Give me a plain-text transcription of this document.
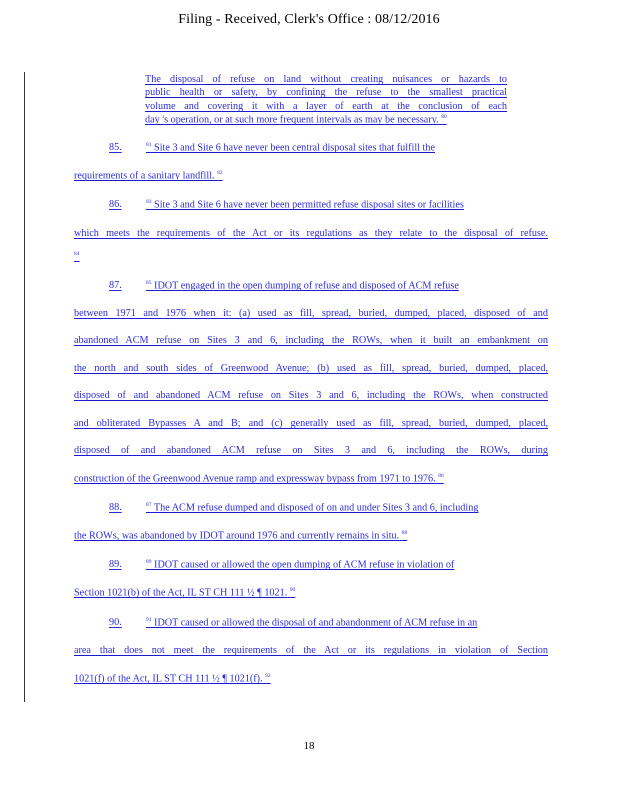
Filing - Received, Clerk's Office : 08/12/2016
The disposal of refuse on land without creating nuisances or hazards to
public health or safety, by confining the refuse to the smallest practical
volume and covering it with a layer of earth at the conclusion of each
day 's operation, or at such more frequent intervals as may be necessary. $^{80}$
85.	$^{81}$ Site 3 and Site 6 have never been central disposal sites that fulfill the
requirements of a sanitary landfill. $^{82}$
86.	$^{83}$ Site 3 and Site 6 have never been permitted refuse disposal sites or facilities
which meets the requirements of the Act or its regulations as they relate to the disposal of refuse.
$^{84}$
87.	$^{85}$ IDOT engaged in the open dumping of refuse and disposed of ACM refuse
between 1971 and 1976 when it: (a) used as fill, spread, buried, dumped, placed, disposed of and
abandoned ACM refuse on Sites 3 and 6, including the ROWs, when it built an embankment on
the north and south sides of Greenwood Avenue; (b) used as fill, spread, buried, dumped, placed,
disposed of and abandoned ACM refuse on Sites 3 and 6, including the ROWs, when constructed
and obliterated Bypasses A and B; and (c) generally used as fill, spread, buried, dumped, placed,
disposed of and abandoned ACM refuse on Sites 3 and 6, including the ROWs, during
construction of the Greenwood Avenue ramp and expressway bypass from 1971 to 1976. $^{86}$
88.	$^{87}$ The ACM refuse dumped and disposed of on and under Sites 3 and 6, including
the ROWs, was abandoned by IDOT around 1976 and currently remains in situ. $^{88}$
89.	$^{89}$ IDOT caused or allowed the open dumping of ACM refuse in violation of
Section 1021(b) of the Act, IL ST CH 111 ½ ¶ 1021. $^{90}$
90.	$^{91}$ IDOT caused or allowed the disposal of and abandonment of ACM refuse in an
area that does not meet the requirements of the Act or its regulations in violation of Section
1021(f) of the Act, IL ST CH 111 ½ ¶ 1021(f). $^{92}$
18
